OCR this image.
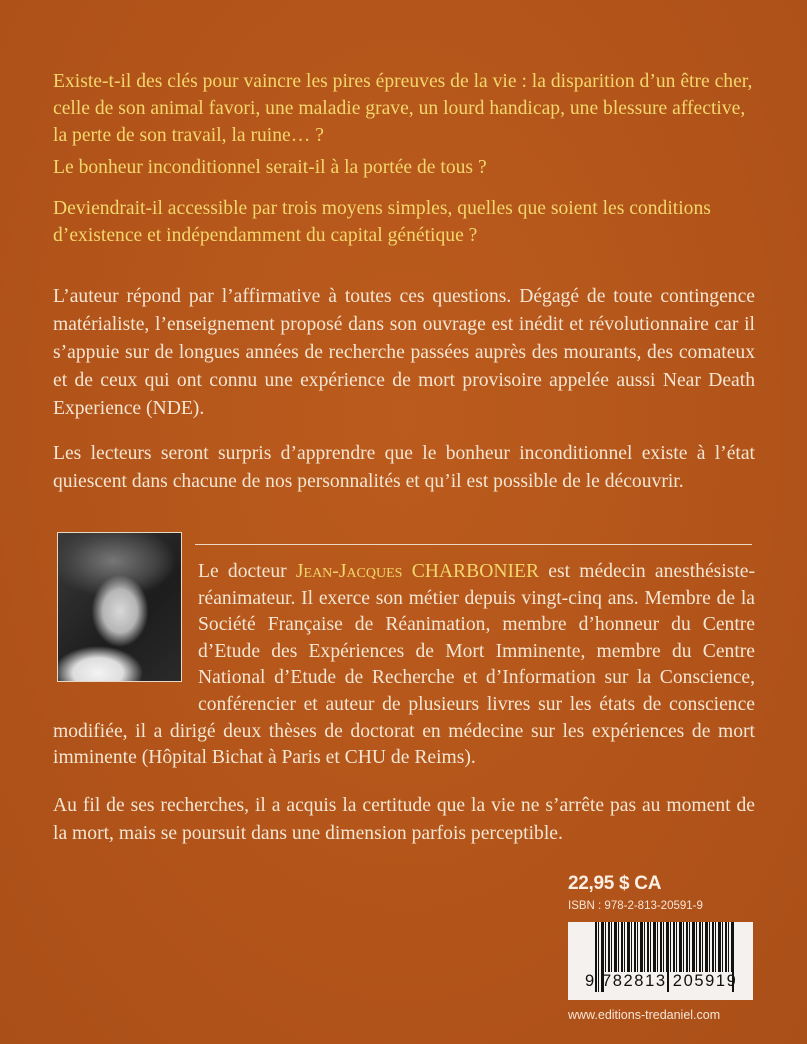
Existe-t-il des clés pour vaincre les pires épreuves de la vie : la disparition d’un être cher, celle de son animal favori, une maladie grave, un lourd handicap, une blessure affective, la perte de son travail, la ruine… ?

Le bonheur inconditionnel serait-il à la portée de tous ?

Deviendrait-il accessible par trois moyens simples, quelles que soient les conditions d’existence et indépendamment du capital génétique ?

L’auteur répond par l’affirmative à toutes ces questions. Dégagé de toute contingence matérialiste, l’enseignement proposé dans son ouvrage est inédit et révolutionnaire car il s’appuie sur de longues années de recherche passées auprès des mourants, des comateux et de ceux qui ont connu une expérience de mort provisoire appelée aussi Near Death Experience (NDE).

Les lecteurs seront surpris d’apprendre que le bonheur inconditionnel existe à l’état quiescent dans chacune de nos personnalités et qu’il est possible de le découvrir.

Le docteur Jean-Jacques CHARBONIER est médecin anesthésiste-réanimateur. Il exerce son métier depuis vingt-cinq ans. Membre de la Société Française de Réanimation, membre d’honneur du Centre d’Etude des Expériences de Mort Imminente, membre du Centre National d’Etude de Recherche et d’Information sur la Conscience, conférencier et auteur de plusieurs livres sur les états de conscience modifiée, il a dirigé deux thèses de doctorat en médecine sur les expériences de mort imminente (Hôpital Bichat à Paris et CHU de Reims).

Au fil de ses recherches, il a acquis la certitude que la vie ne s’arrête pas au moment de la mort, mais se poursuit dans une dimension parfois perceptible.

22,95 $ CA
ISBN : 978-2-813-20591-9
9 782813 205919
www.editions-tredaniel.com
